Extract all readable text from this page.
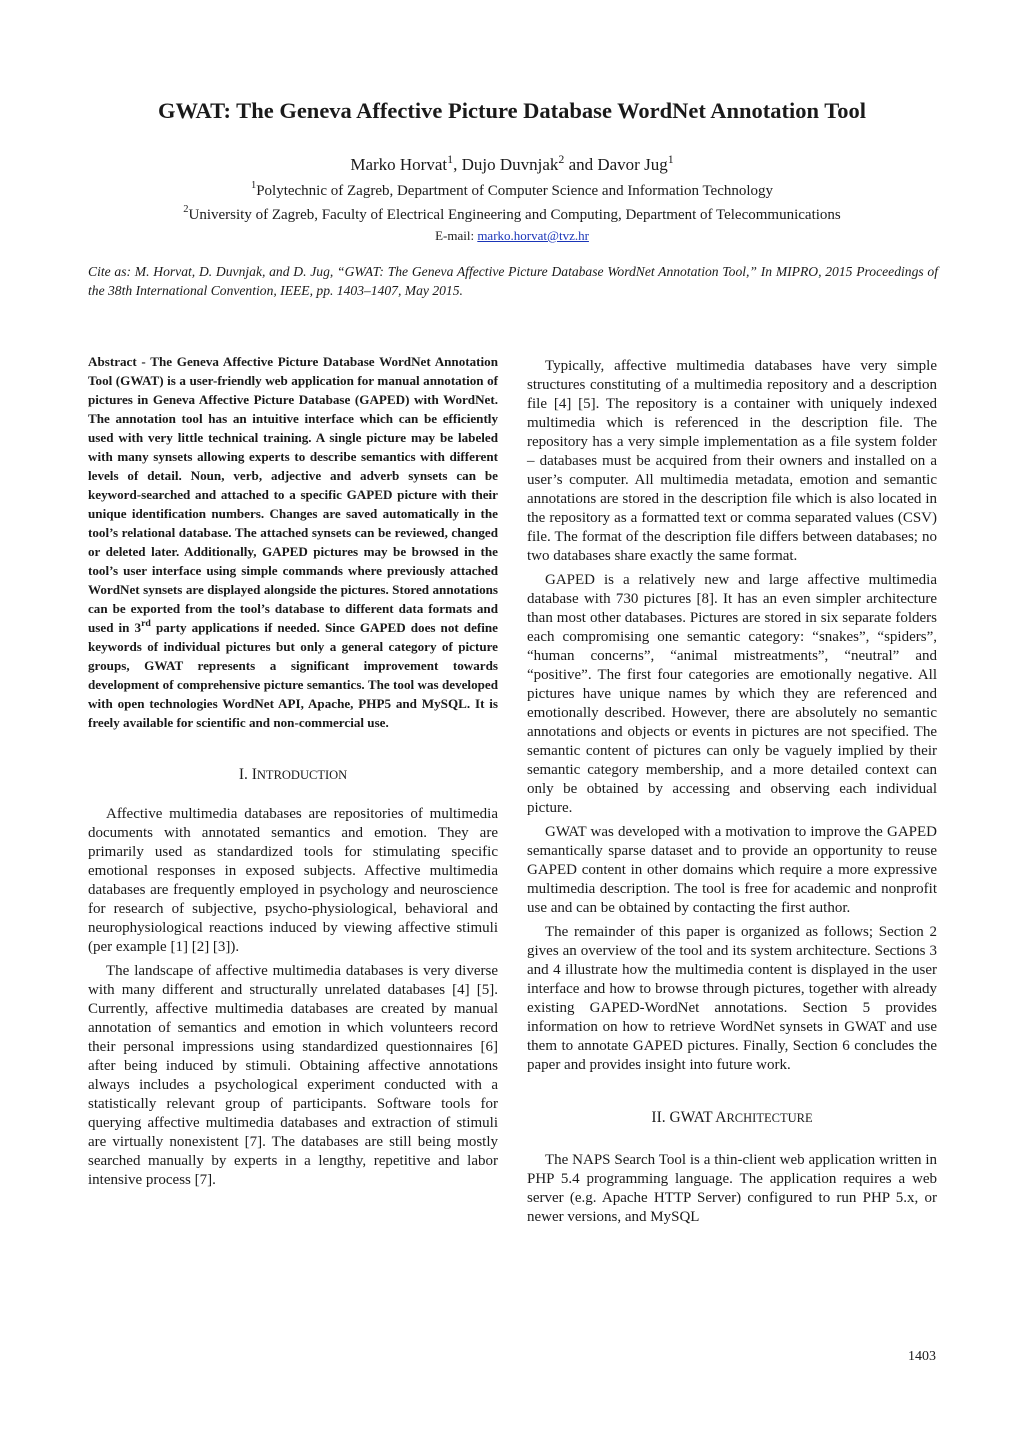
GWAT: The Geneva Affective Picture Database WordNet Annotation Tool
Marko Horvat$^1$, Dujo Duvnjak$^2$ and Davor Jug$^1$
$^1$Polytechnic of Zagreb, Department of Computer Science and Information Technology
$^2$University of Zagreb, Faculty of Electrical Engineering and Computing, Department of Telecommunications
E-mail: marko.horvat@tvz.hr
Cite as: M. Horvat, D. Duvnjak, and D. Jug, “GWAT: The Geneva Affective Picture Database WordNet Annotation Tool,” In MIPRO, 2015 Proceedings of the 38th International Convention, IEEE, pp. 1403–1407, May 2015.

Abstract - The Geneva Affective Picture Database WordNet Annotation Tool (GWAT) is a user-friendly web application for manual annotation of pictures in Geneva Affective Picture Database (GAPED) with WordNet. The annotation tool has an intuitive interface which can be efficiently used with very little technical training. A single picture may be labeled with many synsets allowing experts to describe semantics with different levels of detail. Noun, verb, adjective and adverb synsets can be keyword-searched and attached to a specific GAPED picture with their unique identification numbers. Changes are saved automatically in the tool’s relational database. The attached synsets can be reviewed, changed or deleted later. Additionally, GAPED pictures may be browsed in the tool’s user interface using simple commands where previously attached WordNet synsets are displayed alongside the pictures. Stored annotations can be exported from the tool’s database to different data formats and used in 3rd party applications if needed. Since GAPED does not define keywords of individual pictures but only a general category of picture groups, GWAT represents a significant improvement towards development of comprehensive picture semantics. The tool was developed with open technologies WordNet API, Apache, PHP5 and MySQL. It is freely available for scientific and non-commercial use.

I. INTRODUCTION

Affective multimedia databases are repositories of multimedia documents with annotated semantics and emotion. They are primarily used as standardized tools for stimulating specific emotional responses in exposed subjects. Affective multimedia databases are frequently employed in psychology and neuroscience for research of subjective, psycho-physiological, behavioral and neurophysiological reactions induced by viewing affective stimuli (per example [1] [2] [3]).

The landscape of affective multimedia databases is very diverse with many different and structurally unrelated databases [4] [5]. Currently, affective multimedia databases are created by manual annotation of semantics and emotion in which volunteers record their personal impressions using standardized questionnaires [6] after being induced by stimuli. Obtaining affective annotations always includes a psychological experiment conducted with a statistically relevant group of participants. Software tools for querying affective multimedia databases and extraction of stimuli are virtually nonexistent [7]. The databases are still being mostly searched manually by experts in a lengthy, repetitive and labor intensive process [7].

Typically, affective multimedia databases have very simple structures constituting of a multimedia repository and a description file [4] [5]. The repository is a container with uniquely indexed multimedia which is referenced in the description file. The repository has a very simple implementation as a file system folder – databases must be acquired from their owners and installed on a user’s computer. All multimedia metadata, emotion and semantic annotations are stored in the description file which is also located in the repository as a formatted text or comma separated values (CSV) file. The format of the description file differs between databases; no two databases share exactly the same format.

GAPED is a relatively new and large affective multimedia database with 730 pictures [8]. It has an even simpler architecture than most other databases. Pictures are stored in six separate folders each compromising one semantic category: “snakes”, “spiders”, “human concerns”, “animal mistreatments”, “neutral” and “positive”. The first four categories are emotionally negative. All pictures have unique names by which they are referenced and emotionally described. However, there are absolutely no semantic annotations and objects or events in pictures are not specified. The semantic content of pictures can only be vaguely implied by their semantic category membership, and a more detailed context can only be obtained by accessing and observing each individual picture.

GWAT was developed with a motivation to improve the GAPED semantically sparse dataset and to provide an opportunity to reuse GAPED content in other domains which require a more expressive multimedia description. The tool is free for academic and nonprofit use and can be obtained by contacting the first author.

The remainder of this paper is organized as follows; Section 2 gives an overview of the tool and its system architecture. Sections 3 and 4 illustrate how the multimedia content is displayed in the user interface and how to browse through pictures, together with already existing GAPED-WordNet annotations. Section 5 provides information on how to retrieve WordNet synsets in GWAT and use them to annotate GAPED pictures. Finally, Section 6 concludes the paper and provides insight into future work.

II. GWAT ARCHITECTURE

The NAPS Search Tool is a thin-client web application written in PHP 5.4 programming language. The application requires a web server (e.g. Apache HTTP Server) configured to run PHP 5.x, or newer versions, and MySQL

1403
